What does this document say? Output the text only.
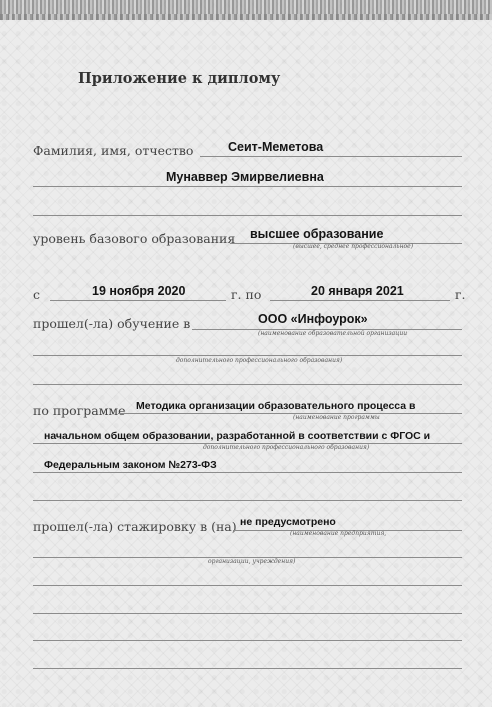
Приложение к диплому
Фамилия, имя, отчество	Сеит-Меметова
Мунаввер Эмирвелиевна
уровень базового образования высшее образование
(высшее, среднее профессиональное)
с	19 ноября 2020	г. по	20 января 2021	г.
прошел(-ла) обучение в	ООО «Инфоурок»
(наименование образовательной организации
дополнительного профессионального образования)
по программе Методика организации образовательного процесса в
(наименование программы
начальном общем образовании, разработанной в соответствии с ФГОС и
дополнительного профессионального образования)
Федеральным законом №273-ФЗ
прошел(-ла) стажировку в (на) не предусмотрено
(наименование предприятия,
организации, учреждения)
